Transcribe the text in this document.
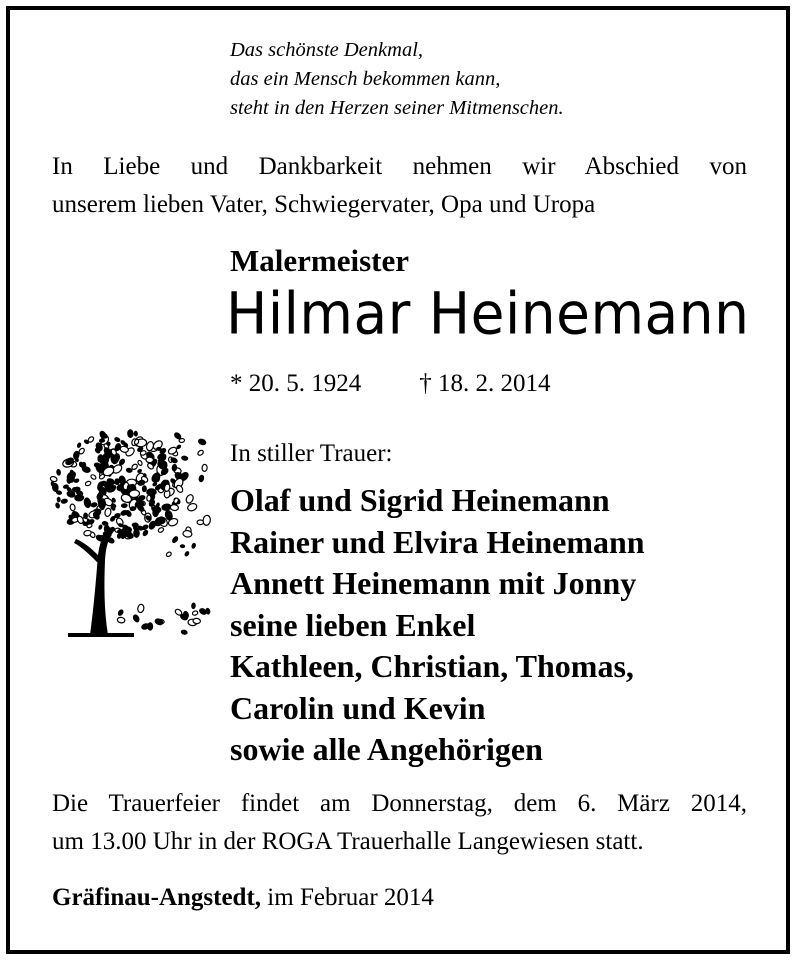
Das schönste Denkmal,
das ein Mensch bekommen kann,
steht in den Herzen seiner Mitmenschen.
In Liebe und Dankbarkeit nehmen wir Abschied von
unserem lieben Vater, Schwiegervater, Opa und Uropa
Malermeister
Hilmar Heinemann
* 20. 5. 1924 † 18. 2. 2014
In stiller Trauer:
Olaf und Sigrid Heinemann
Rainer und Elvira Heinemann
Annett Heinemann mit Jonny
seine lieben Enkel
Kathleen, Christian, Thomas,
Carolin und Kevin
sowie alle Angehörigen
Die Trauerfeier findet am Donnerstag, dem 6. März 2014,
um 13.00 Uhr in der ROGA Trauerhalle Langewiesen statt.
Gräfinau-Angstedt, im Februar 2014
